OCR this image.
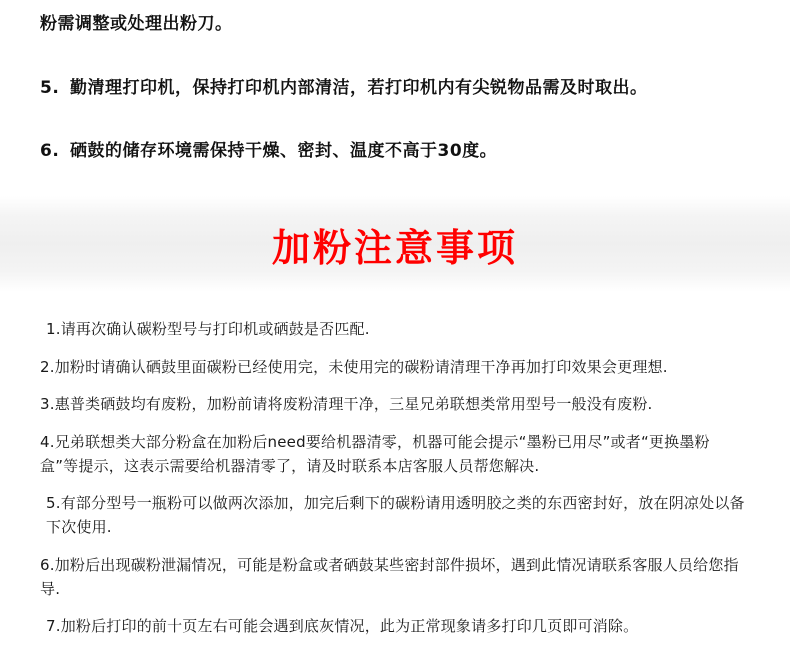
粉需调整或处理出粉刀。
5. 勤清理打印机，保持打印机内部清洁，若打印机内有尖锐物品需及时取出。
6. 硒鼓的储存环境需保持干燥、密封、温度不高于30度。
加粉注意事项
1.请再次确认碳粉型号与打印机或硒鼓是否匹配.
2.加粉时请确认硒鼓里面碳粉已经使用完，未使用完的碳粉请清理干净再加打印效果会更理想.
3.惠普类硒鼓均有废粉，加粉前请将废粉清理干净，三星兄弟联想类常用型号一般没有废粉.
4.兄弟联想类大部分粉盒在加粉后need要给机器清零，机器可能会提示“墨粉已用尽”或者“更换墨粉盒”等提示，这表示需要给机器清零了，请及时联系本店客服人员帮您解决.
5.有部分型号一瓶粉可以做两次添加，加完后剩下的碳粉请用透明胶之类的东西密封好，放在阴凉处以备下次使用.
6.加粉后出现碳粉泄漏情况，可能是粉盒或者硒鼓某些密封部件损坏，遇到此情况请联系客服人员给您指导.
7.加粉后打印的前十页左右可能会遇到底灰情况，此为正常现象请多打印几页即可消除。
